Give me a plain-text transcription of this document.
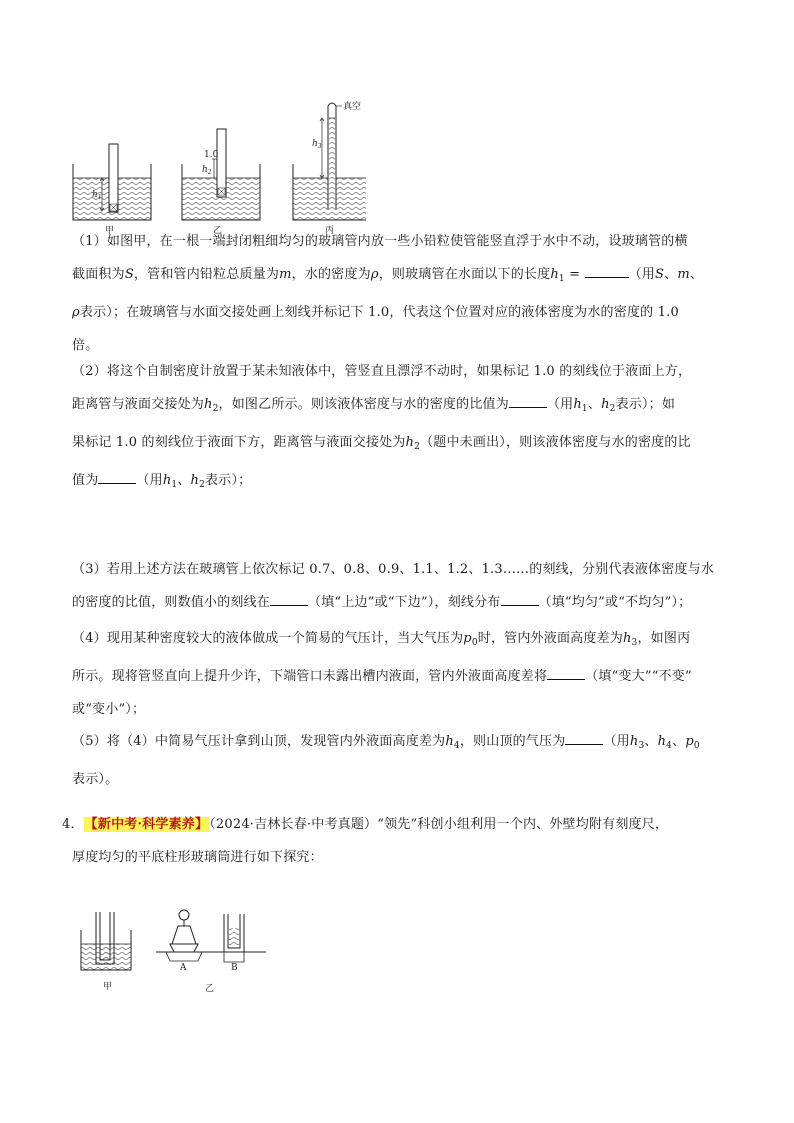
$h_1$
甲
1.0
$h_2$
乙
真空
$h_3$
丙
（1）如图甲，在一根一端封闭粗细均匀的玻璃管内放一些小铅粒使管能竖直浮于水中不动，设玻璃管的横
截面积为S，管和管内铅粒总质量为m，水的密度为ρ，则玻璃管在水面以下的长度$h_1$ =	（用S、m、
ρ表示）；在玻璃管与水面交接处画上刻线并标记下 1.0，代表这个位置对应的液体密度为水的密度的 1.0
倍。
（2）将这个自制密度计放置于某未知液体中，管竖直且漂浮不动时，如果标记 1.0 的刻线位于液面上方，
距离管与液面交接处为$h_2$，如图乙所示。则该液体密度与水的密度的比值为	（用$h_1$、$h_2$表示）；如
果标记 1.0 的刻线位于液面下方，距离管与液面交接处为$h_2$（题中未画出），则该液体密度与水的密度的比
值为	（用$h_1$、$h_2$表示）；
（3）若用上述方法在玻璃管上依次标记 0.7、0.8、0.9、1.1、1.2、1.3……的刻线，分别代表液体密度与水
的密度的比值，则数值小的刻线在	（填“上边”或“下边”），刻线分布	（填“均匀”或“不均匀”）；
（4）现用某种密度较大的液体做成一个简易的气压计，当大气压为$p_0$时，管内外液面高度差为$h_3$，如图丙
所示。现将管竖直向上提升少许，下端管口未露出槽内液面，管内外液面高度差将	（填“变大”“不变”
或“变小”）；
（5）将（4）中简易气压计拿到山顶，发现管内外液面高度差为$h_4$，则山顶的气压为	（用$h_3$、$h_4$、$p_0$
表示）。
4．【新中考·科学素养】（2024·吉林长春·中考真题）“领先”科创小组利用一个内、外壁均附有刻度尺，
厚度均匀的平底柱形玻璃筒进行如下探究：
甲
A	B
乙
